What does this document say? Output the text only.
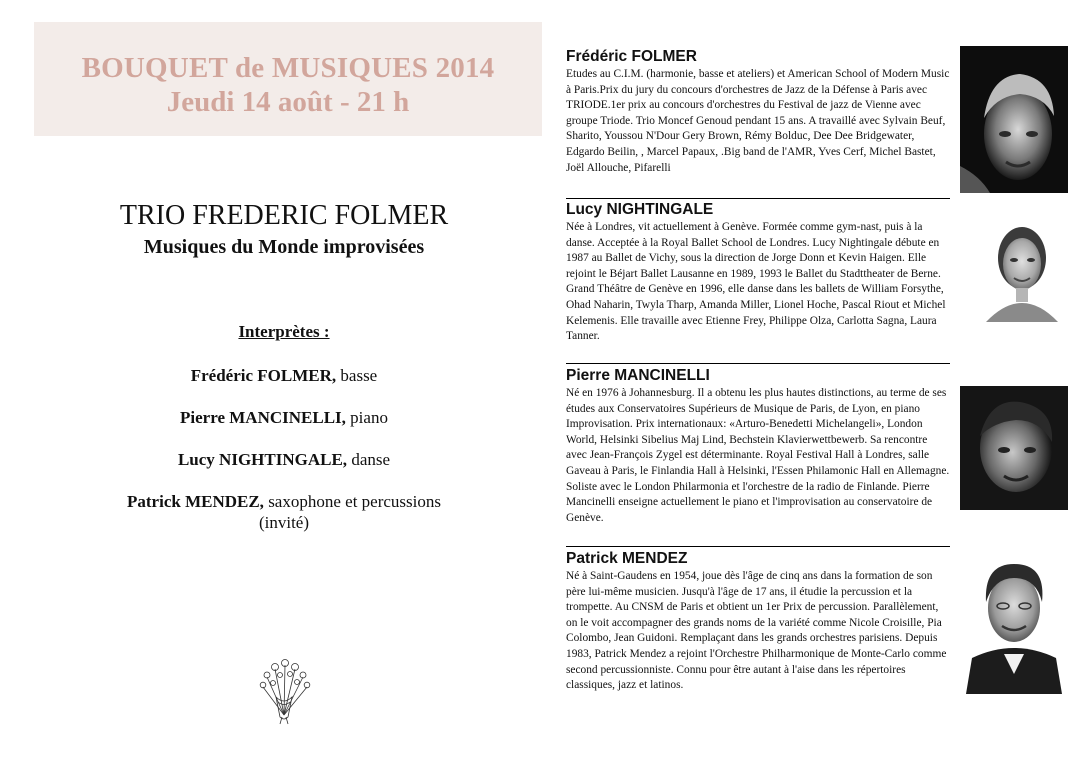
BOUQUET de MUSIQUES 2014
Jeudi 14 août - 21 h
TRIO FREDERIC FOLMER
Musiques du Monde improvisées
Interprètes :
Frédéric FOLMER, basse
Pierre MANCINELLI, piano
Lucy NIGHTINGALE, danse
Patrick MENDEZ, saxophone et percussions
(invité)
Frédéric FOLMER
Etudes au C.I.M. (harmonie, basse et ateliers) et American School of Modern Music à Paris.Prix du jury du concours d'orchestres de Jazz de la Défense à Paris avec TRIODE.1er prix au concours d'orchestres du Festival de jazz de Vienne avec groupe Triode. Trio Moncef Genoud pendant 15 ans. A travaillé avec Sylvain Beuf, Sharito, Youssou N'Dour Gery Brown, Rémy Bolduc, Dee Dee Bridgewater, Edgardo Beilin, , Marcel Papaux, .Big band de l'AMR, Yves Cerf, Michel Bastet, Joël Allouche, Pifarelli
Lucy NIGHTINGALE
Née à Londres, vit actuellement à Genève. Formée comme gym-nast, puis à la danse. Acceptée à la Royal Ballet School de Londres. Lucy Nightingale débute en 1987 au Ballet de Vichy, sous la direction de Jorge Donn et Kevin Haigen. Elle rejoint le Béjart Ballet Lausanne en 1989, 1993 le Ballet du Stadttheater de Berne. Grand Théâtre de Genève en 1996, elle danse dans les ballets de William Forsythe, Ohad Naharin, Twyla Tharp, Amanda Miller, Lionel Hoche, Pascal Riout et Michel Kelemenis. Elle travaille avec Etienne Frey, Philippe Olza, Carlotta Sagna, Laura Tanner.
Pierre MANCINELLI
Né en 1976 à Johannesburg. Il a obtenu les plus hautes distinctions, au terme de ses études aux Conservatoires Supérieurs de Musique de Paris, de Lyon, en piano Improvisation. Prix internationaux: «Arturo-Benedetti Michelangeli», London World, Helsinki Sibelius Maj Lind, Bechstein Klavierwettbewerb. Sa rencontre avec Jean-François Zygel est déterminante. Royal Festival Hall à Londres, salle Gaveau à Paris, le Finlandia Hall à Helsinki, l'Essen Philamonic Hall en Allemagne. Soliste avec le London Philarmonia et l'orchestre de la radio de Finlande. Pierre Mancinelli enseigne actuellement le piano et l'improvisation au conservatoire de Genève.
Patrick MENDEZ
Né à Saint-Gaudens en 1954, joue dès l'âge de cinq ans dans la formation de son père lui-même musicien. Jusqu'à l'âge de 17 ans, il étudie la percussion et la trompette. Au CNSM de Paris et obtient un 1er Prix de percussion. Parallèlement, on le voit accompagner des grands noms de la variété comme Nicole Croisille, Pia Colombo, Jean Guidoni. Remplaçant dans les grands orchestres parisiens. Depuis 1983, Patrick Mendez a rejoint l'Orchestre Philharmonique de Monte-Carlo comme second percussionniste. Connu pour être autant à l'aise dans les répertoires classiques, jazz et latinos.
